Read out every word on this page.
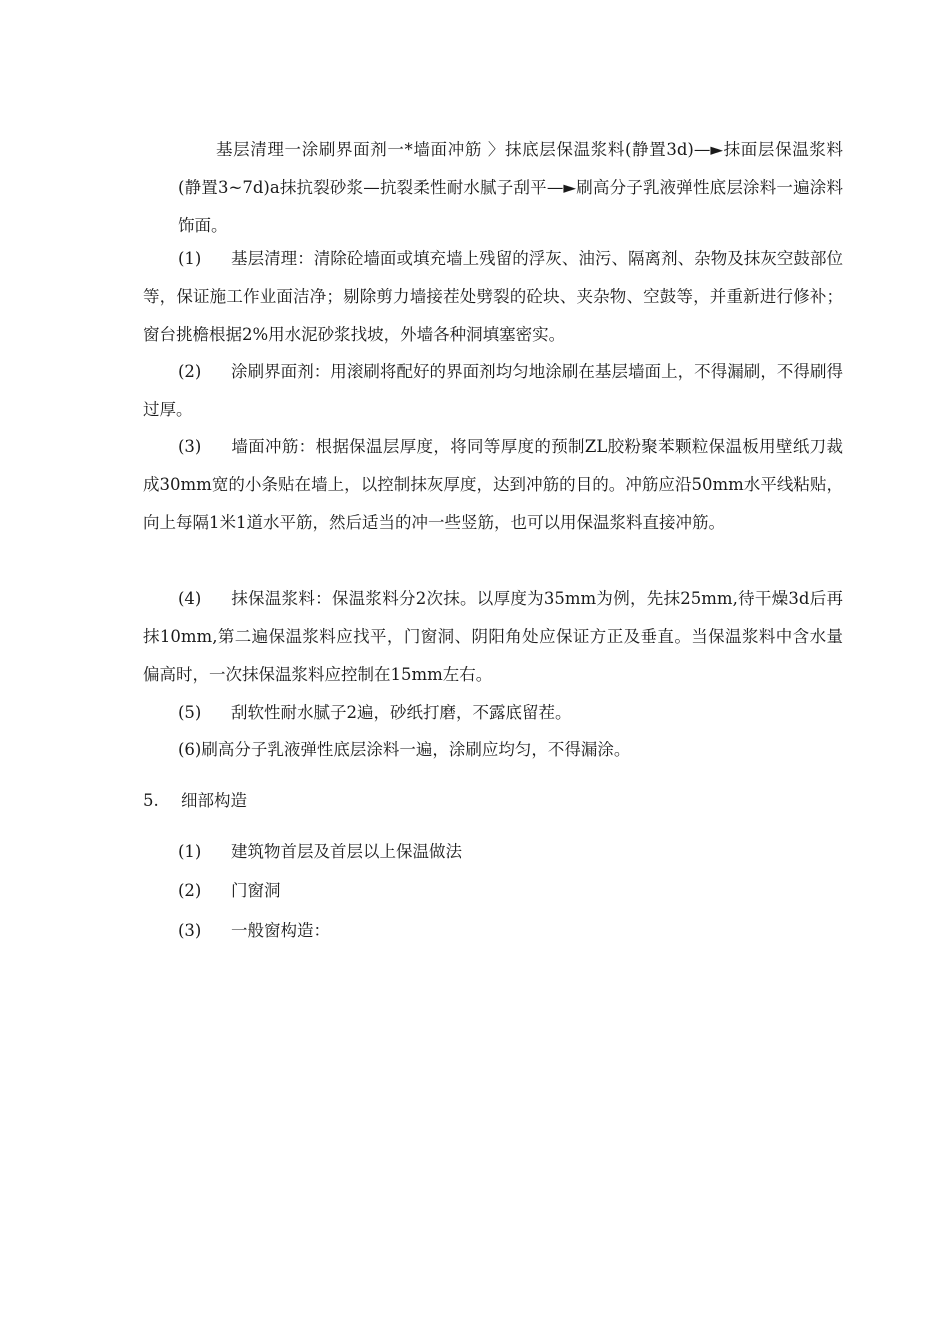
基层清理一涂刷界面剂一*墙面冲筋 〉抹底层保温浆料(静置3d)—►抹面层保温浆料(静置3~7d)a抹抗裂砂浆—抗裂柔性耐水腻子刮平—►刷高分子乳液弹性底层涂料一遍涂料饰面。
(1) 基层清理：清除砼墙面或填充墙上残留的浮灰、油污、隔离剂、杂物及抹灰空鼓部位等，保证施工作业面洁净；剔除剪力墙接茬处劈裂的砼块、夹杂物、空鼓等，并重新进行修补；窗台挑檐根据2%用水泥砂浆找坡，外墙各种洞填塞密实。
(2) 涂刷界面剂：用滚刷将配好的界面剂均匀地涂刷在基层墙面上，不得漏刷，不得刷得过厚。
(3) 墙面冲筋：根据保温层厚度，将同等厚度的预制ZL胶粉聚苯颗粒保温板用壁纸刀裁成30mm宽的小条贴在墙上，以控制抹灰厚度，达到冲筋的目的。冲筋应沿50mm水平线粘贴，向上每隔1米1道水平筋，然后适当的冲一些竖筋，也可以用保温浆料直接冲筋。
(4) 抹保温浆料：保温浆料分2次抹。以厚度为35mm为例，先抹25mm,待干燥3d后再抹10mm,第二遍保温浆料应找平，门窗洞、阴阳角处应保证方正及垂直。当保温浆料中含水量偏高时，一次抹保温浆料应控制在15mm左右。
(5) 刮软性耐水腻子2遍，砂纸打磨，不露底留茬。
(6)刷高分子乳液弹性底层涂料一遍，涂刷应均匀，不得漏涂。
5. 细部构造
(1) 建筑物首层及首层以上保温做法
(2) 门窗洞
(3) 一般窗构造：
